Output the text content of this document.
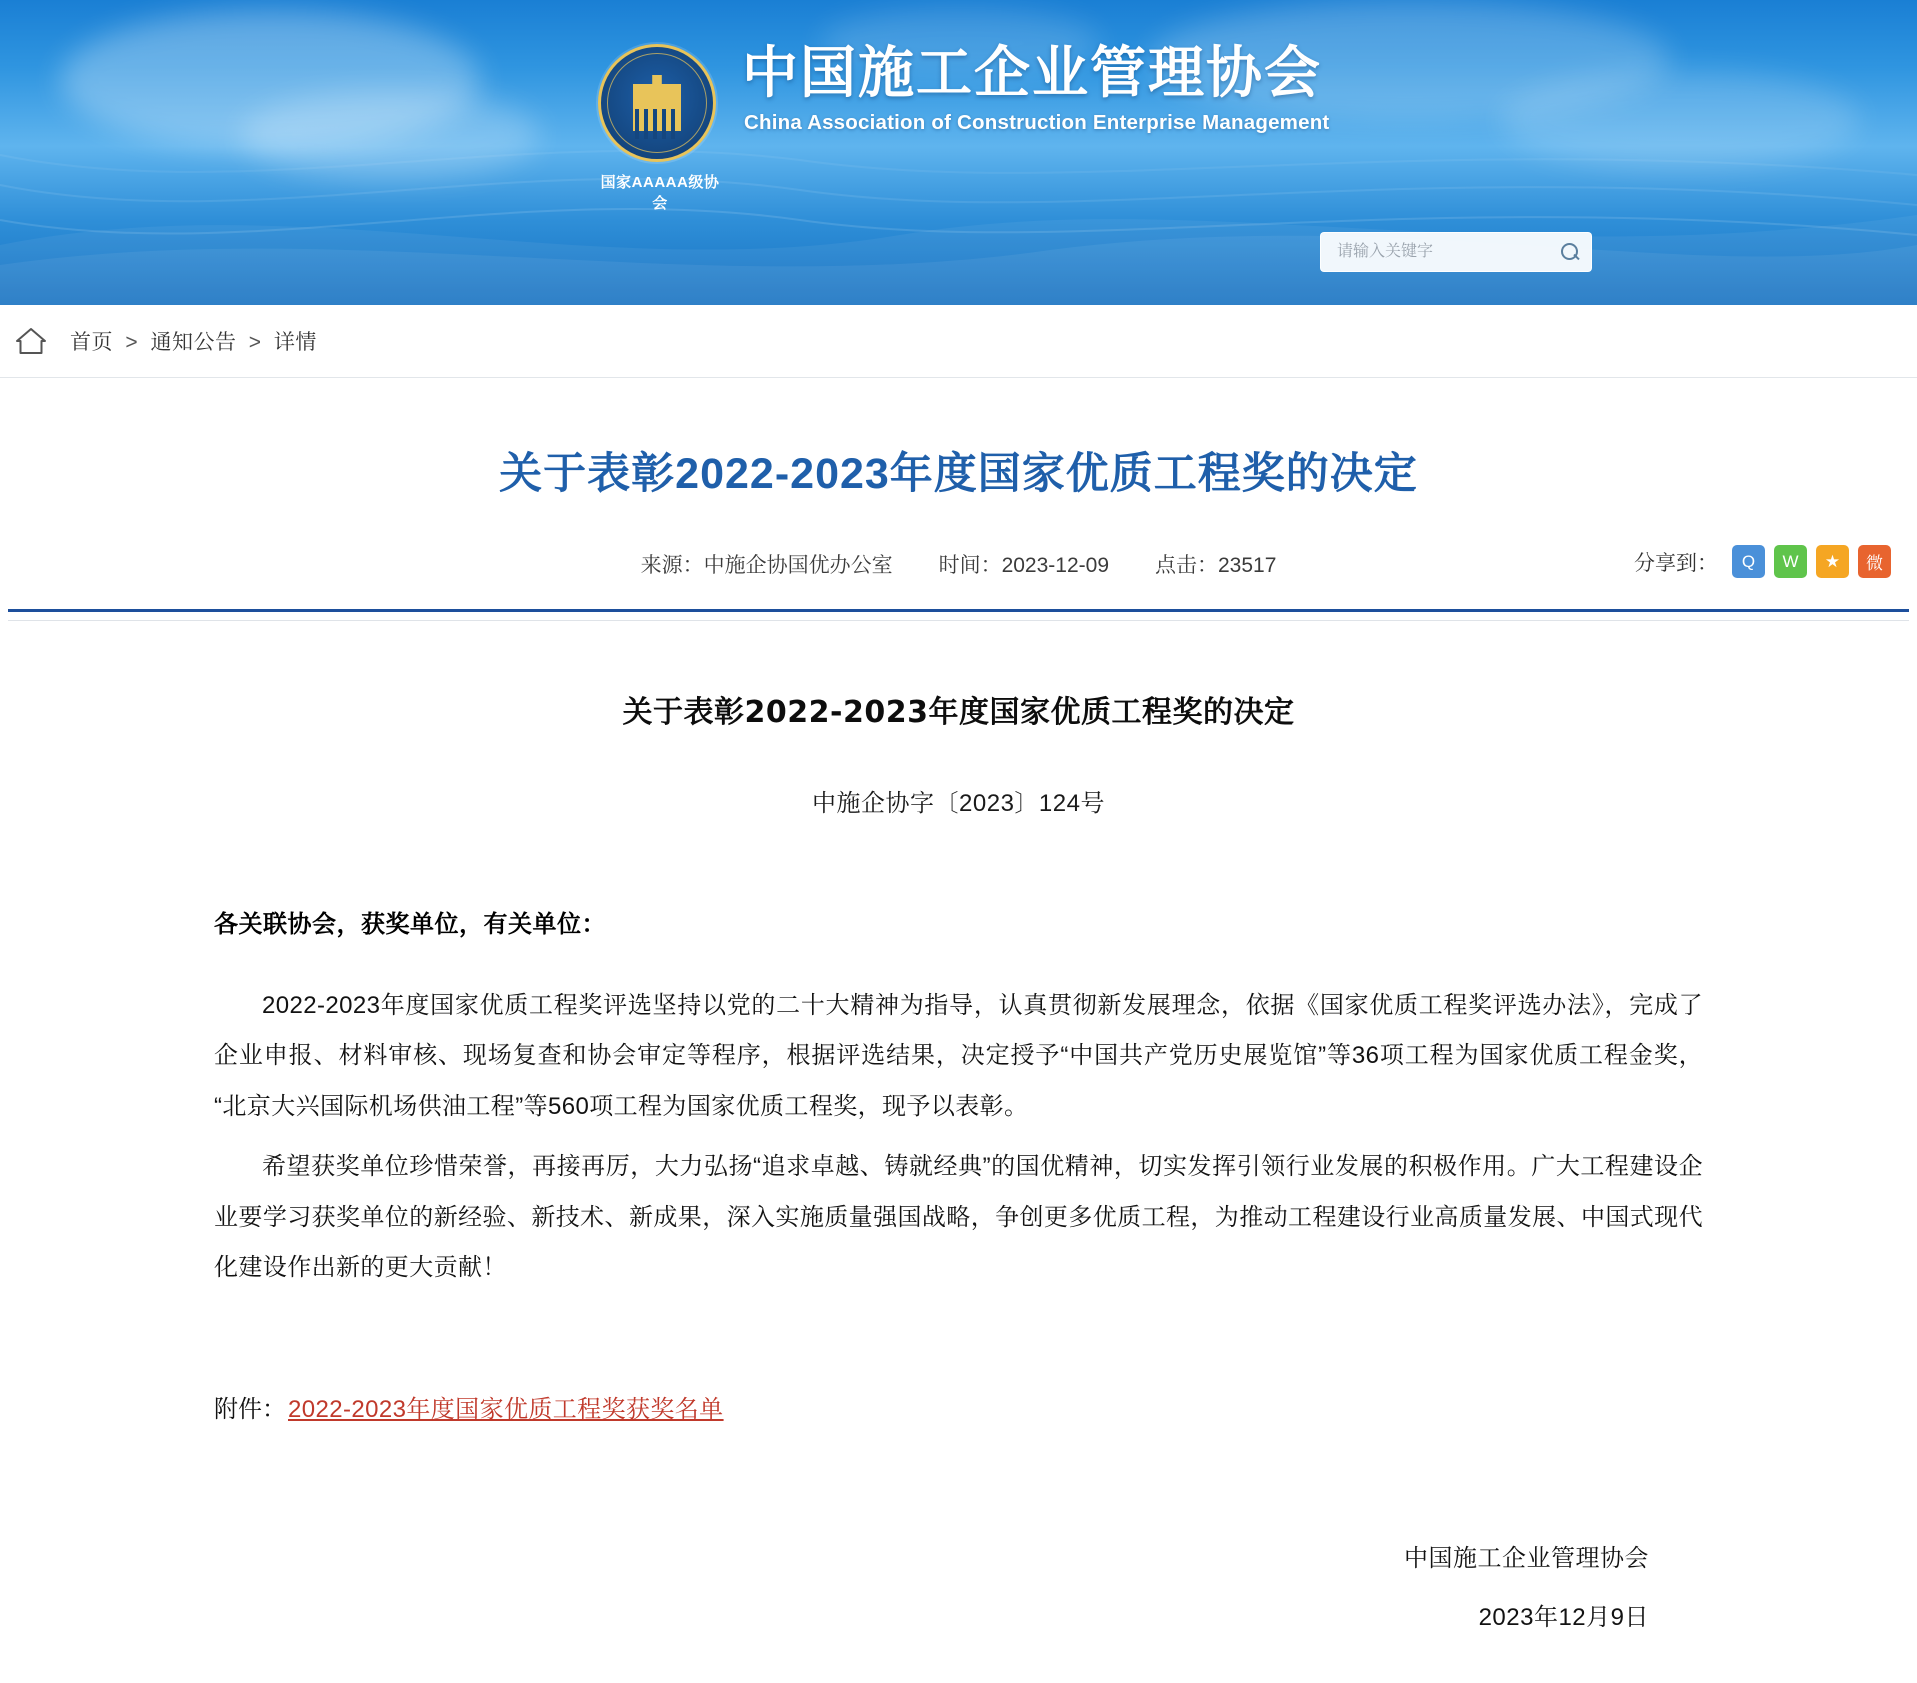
国家AAAAA级协会
中国施工企业管理协会
China Association of Construction Enterprise Management
请输入关键字
首页 > 通知公告 > 详情
关于表彰2022-2023年度国家优质工程奖的决定
来源：中施企协国优办公室 时间：2023-12-09 点击：23517	分享到：	Q	W	★	微
关于表彰2022-2023年度国家优质工程奖的决定
中施企协字〔2023〕124号
各关联协会，获奖单位，有关单位：

2022-2023年度国家优质工程奖评选坚持以党的二十大精神为指导，认真贯彻新发展理念，依据《国家优质工程奖评选办法》，完成了企业申报、材料审核、现场复查和协会审定等程序，根据评选结果，决定授予“中国共产党历史展览馆”等36项工程为国家优质工程金奖，“北京大兴国际机场供油工程”等560项工程为国家优质工程奖，现予以表彰。

希望获奖单位珍惜荣誉，再接再厉，大力弘扬“追求卓越、铸就经典”的国优精神，切实发挥引领行业发展的积极作用。广大工程建设企业要学习获奖单位的新经验、新技术、新成果，深入实施质量强国战略，争创更多优质工程，为推动工程建设行业高质量发展、中国式现代化建设作出新的更大贡献！

附件： 2022-2023年度国家优质工程奖获奖名单
中国施工企业管理协会
2023年12月9日
